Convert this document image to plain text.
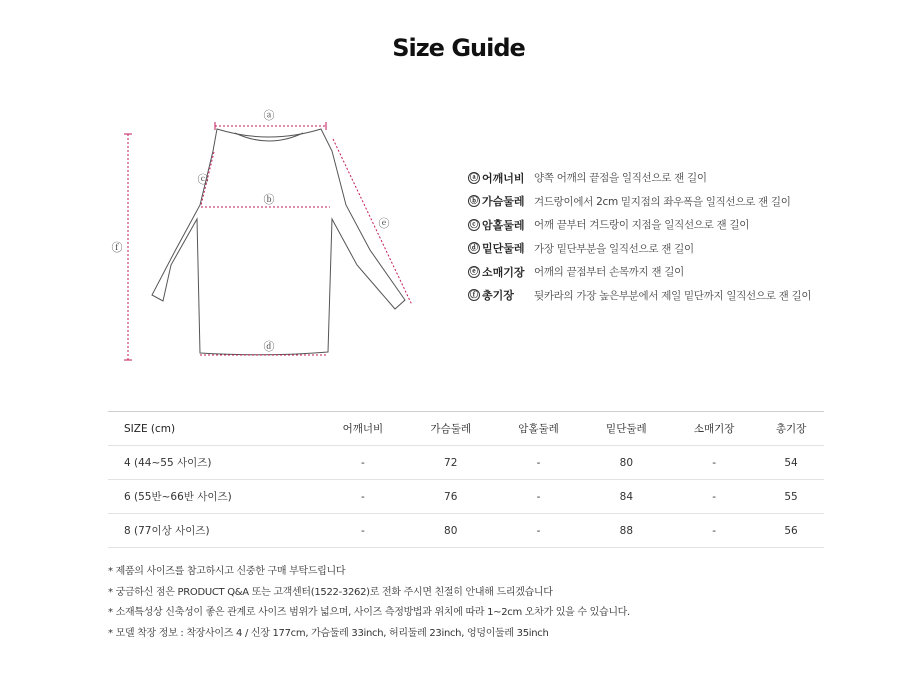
Size Guide
ⓐ
ⓑ
ⓒ
ⓓ
ⓔ
ⓕ
ⓐ 어깨너비 양쪽 어깨의 끝점을 일직선으로 잰 길이
ⓑ 가슴둘레 겨드랑이에서 2cm 밑지점의 좌우폭을 일직선으로 잰 길이
ⓒ 암홀둘레 어깨 끝부터 겨드랑이 지점을 일직선으로 잰 길이
ⓓ 밑단둘레 가장 밑단부분을 일직선으로 잰 길이
ⓔ 소매기장 어깨의 끝점부터 손목까지 잰 길이
ⓕ 총기장 뒷카라의 가장 높은부분에서 제일 밑단까지 일직선으로 잰 길이
SIZE (cm)	어깨너비	가슴둘레	암홀둘레	밑단둘레	소매기장	총기장
4 (44~55 사이즈)	-	72	-	80	-	54
6 (55반~66반 사이즈)	-	76	-	84	-	55
8 (77이상 사이즈)	-	80	-	88	-	56
* 제품의 사이즈를 참고하시고 신중한 구매 부탁드립니다
* 궁금하신 점은 PRODUCT Q&A 또는 고객센터(1522-3262)로 전화 주시면 친절히 안내해 드리겠습니다
* 소재특성상 신축성이 좋은 관계로 사이즈 범위가 넓으며, 사이즈 측정방법과 위치에 따라 1~2cm 오차가 있을 수 있습니다.
* 모델 착장 정보 : 착장사이즈 4 / 신장 177cm, 가슴둘레 33inch, 허리둘레 23inch, 엉덩이둘레 35inch
